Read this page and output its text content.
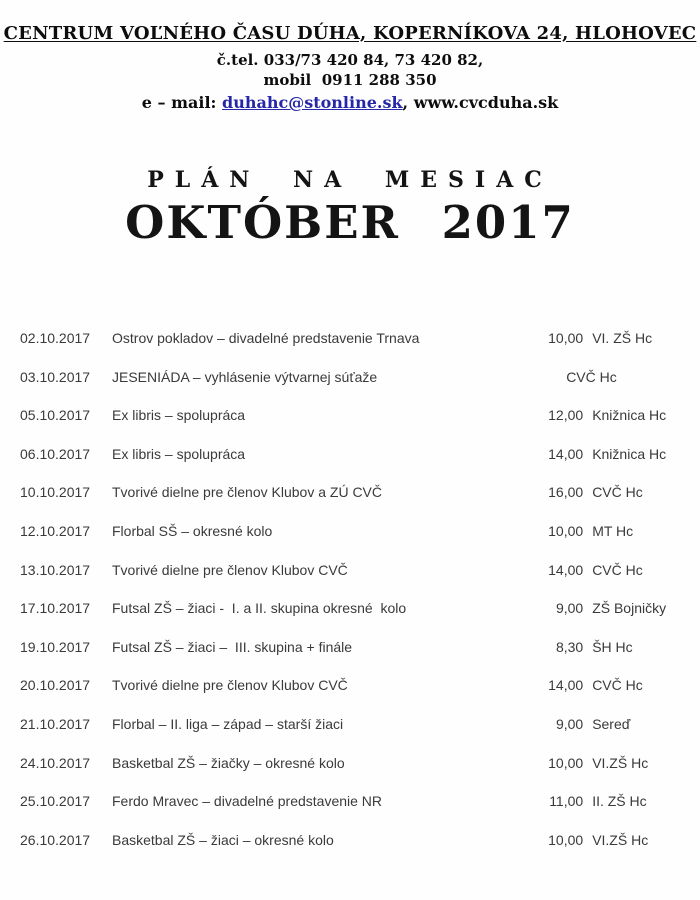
CENTRUM VOĽNÉHO ČASU DÚHA, KOPERNÍKOVA 24, HLOHOVEC
č.tel. 033/73 420 84, 73 420 82,
mobil  0911 288 350
e – mail: duhahc@stonline.sk, www.cvcduha.sk
PLÁN NA MESIAC
OKTÓBER 2017
02.10.2017 Ostrov pokladov – divadelné predstavenie Trnava	10,00 VI. ZŠ Hc
03.10.2017 JESENIÁDA – vyhlásenie výtvarnej súťaže	CVČ Hc
05.10.2017 Ex libris – spolupráca	12,00 Knižnica Hc
06.10.2017 Ex libris – spolupráca	14,00 Knižnica Hc
10.10.2017 Tvorivé dielne pre členov Klubov a ZÚ CVČ	16,00 CVČ Hc
12.10.2017 Florbal SŠ – okresné kolo	10,00 MT Hc
13.10.2017 Tvorivé dielne pre členov Klubov CVČ	14,00 CVČ Hc
17.10.2017 Futsal ZŠ – žiaci -  I. a II. skupina okresné  kolo	9,00 ZŠ Bojničky
19.10.2017 Futsal ZŠ – žiaci –  III. skupina + finále	8,30 ŠH Hc
20.10.2017 Tvorivé dielne pre členov Klubov CVČ	14,00 CVČ Hc
21.10.2017 Florbal – II. liga – západ – starší žiaci	9,00 Sereď
24.10.2017 Basketbal ZŠ – žiačky – okresné kolo	10,00 VI.ZŠ Hc
25.10.2017 Ferdo Mravec – divadelné predstavenie NR	11,00 II. ZŠ Hc
26.10.2017 Basketbal ZŠ – žiaci – okresné kolo	10,00 VI.ZŠ Hc
